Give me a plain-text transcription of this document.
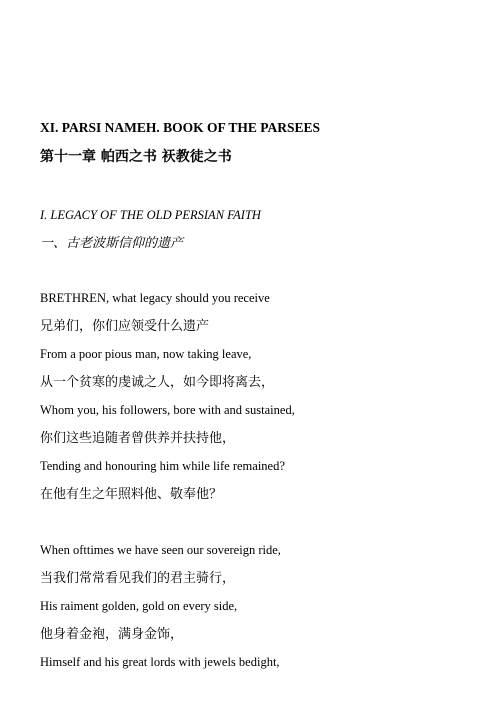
XI. PARSI NAMEH. BOOK OF THE PARSEES
第十一章 帕西之书 祆教徒之书
I. LEGACY OF THE OLD PERSIAN FAITH
一、古老波斯信仰的遗产
BRETHREN, what legacy should you receive
兄弟们，你们应领受什么遗产
From a poor pious man, now taking leave,
从一个贫寒的虔诚之人，如今即将离去，
Whom you, his followers, bore with and sustained,
你们这些追随者曾供养并扶持他，
Tending and honouring him while life remained?
在他有生之年照料他、敬奉他？
When ofttimes we have seen our sovereign ride,
当我们常常看见我们的君主骑行，
His raiment golden, gold on every side,
他身着金袍，满身金饰，
Himself and his great lords with jewels bedight,
